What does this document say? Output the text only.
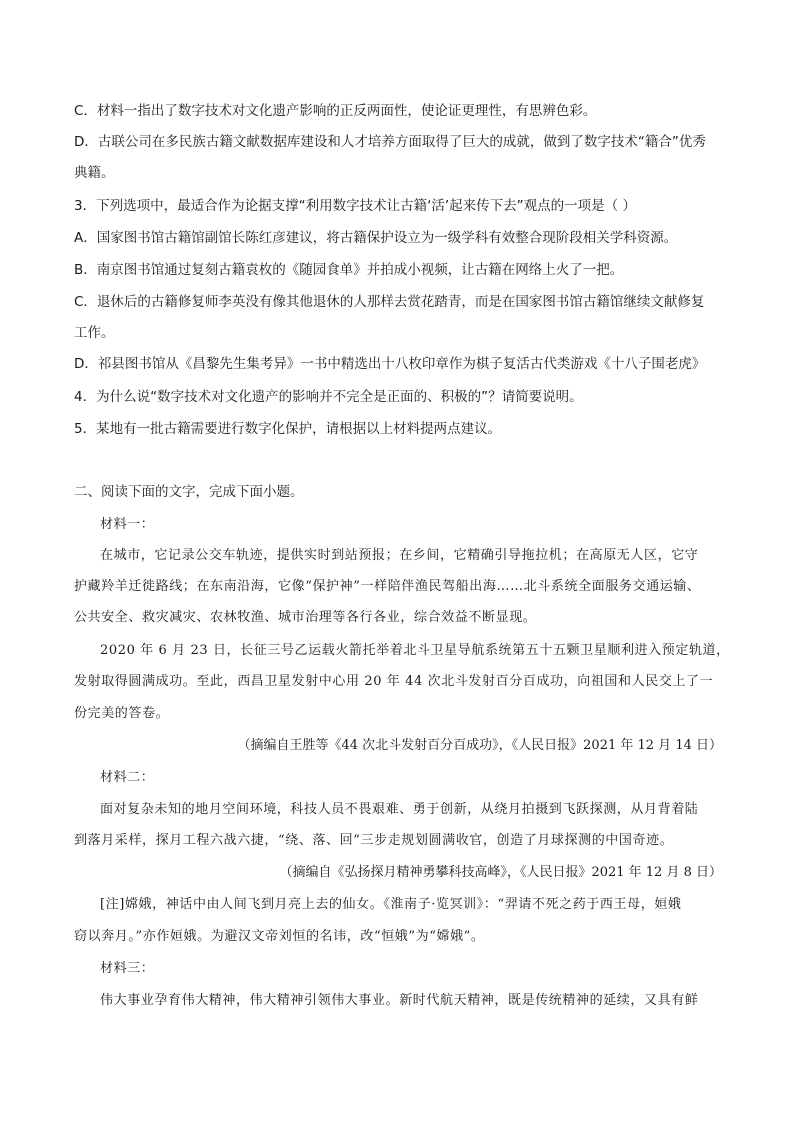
C．材料一指出了数字技术对文化遗产影响的正反两面性，使论证更理性，有思辨色彩。
D．古联公司在多民族古籍文献数据库建设和人才培养方面取得了巨大的成就，做到了数字技术“籍合”优秀
典籍。
3．下列选项中，最适合作为论据支撑“利用数字技术让古籍‘活’起来传下去”观点的一项是（ ）
A．国家图书馆古籍馆副馆长陈红彦建议，将古籍保护设立为一级学科有效整合现阶段相关学科资源。
B．南京图书馆通过复刻古籍袁枚的《随园食单》并拍成小视频，让古籍在网络上火了一把。
C．退休后的古籍修复师李英没有像其他退休的人那样去赏花踏青，而是在国家图书馆古籍馆继续文献修复
工作。
D．祁县图书馆从《昌黎先生集考异》一书中精选出十八枚印章作为棋子复活古代类游戏《十八子围老虎》
4．为什么说“数字技术对文化遗产的影响并不完全是正面的、积极的”？请简要说明。
5．某地有一批古籍需要进行数字化保护，请根据以上材料提两点建议。
二、阅读下面的文字，完成下面小题。
材料一：
在城市，它记录公交车轨迹，提供实时到站预报；在乡间，它精确引导拖拉机；在高原无人区，它守
护藏羚羊迁徙路线；在东南沿海，它像“保护神”一样陪伴渔民驾船出海……北斗系统全面服务交通运输、
公共安全、救灾减灾、农林牧渔、城市治理等各行各业，综合效益不断显现。
2020 年 6 月 23 日，长征三号乙运载火箭托举着北斗卫星导航系统第五十五颗卫星顺利进入预定轨道，
发射取得圆满成功。至此，西昌卫星发射中心用 20 年 44 次北斗发射百分百成功，向祖国和人民交上了一
份完美的答卷。
（摘编自王胜等《44 次北斗发射百分百成功》，《人民日报》2021 年 12 月 14 日）
材料二：
面对复杂未知的地月空间环境，科技人员不畏艰难、勇于创新，从绕月拍摄到飞跃探测，从月背着陆
到落月采样，探月工程六战六捷，“绕、落、回”三步走规划圆满收官，创造了月球探测的中国奇迹。
（摘编自《弘扬探月精神勇攀科技高峰》，《人民日报》2021 年 12 月 8 日）
[注]嫦娥，神话中由人间飞到月亮上去的仙女。《淮南子·览冥训》：“羿请不死之药于西王母，姮娥
窃以奔月。”亦作姮娥。为避汉文帝刘恒的名讳，改“恒娥”为“嫦娥”。
材料三：
伟大事业孕育伟大精神，伟大精神引领伟大事业。新时代航天精神，既是传统精神的延续，又具有鲜
